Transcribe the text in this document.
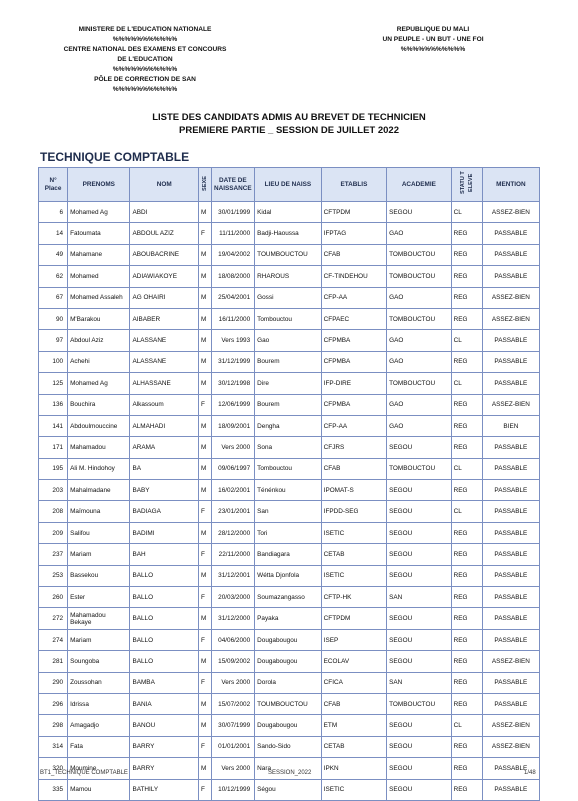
MINISTERE DE L'EDUCATION NATIONALE
%%%%%%%%%%%
CENTRE NATIONAL DES EXAMENS ET CONCOURS
DE L'EDUCATION
%%%%%%%%%%%
PÔLE DE CORRECTION DE SAN
%%%%%%%%%%%
REPUBLIQUE DU MALI
UN PEUPLE - UN BUT - UNE FOI
%%%%%%%%%%%
LISTE DES CANDIDATS ADMIS AU BREVET DE TECHNICIEN
PREMIERE PARTIE _ SESSION DE JUILLET 2022
TECHNIQUE COMPTABLE
N° Place	PRENOMS	NOM	SEXE	DATE DE NAISSANCE	LIEU DE NAISS	ETABLIS	ACADEMIE	STATU T ELEVE	MENTION
6	Mohamed Ag	ABDI	M	30/01/1999	Kidal	CFTPDM	SEGOU	CL	ASSEZ-BIEN
14	Fatoumata	ABDOUL AZIZ	F	11/11/2000	Badji-Haoussa	IFPTAG	GAO	REG	PASSABLE
49	Mahamane	ABOUBACRINE	M	19/04/2002	TOUMBOUCTOU	CFAB	TOMBOUCTOU	REG	PASSABLE
62	Mohamed	ADIAWIAKOYE	M	18/08/2000	RHAROUS	CF-TINDEHOU	TOMBOUCTOU	REG	PASSABLE
67	Mohamed Assaleh	AG OHAIRI	M	25/04/2001	Gossi	CFP-AA	GAO	REG	ASSEZ-BIEN
90	M'Barakou	AIBABER	M	16/11/2000	Tombouctou	CFPAEC	TOMBOUCTOU	REG	ASSEZ-BIEN
97	Abdoul Aziz	ALASSANE	M	Vers 1993	Gao	CFPMBA	GAO	CL	PASSABLE
100	Achehi	ALASSANE	M	31/12/1999	Bourem	CFPMBA	GAO	REG	PASSABLE
125	Mohamed Ag	ALHASSANE	M	30/12/1998	Dire	IFP-DIRE	TOMBOUCTOU	CL	PASSABLE
136	Bouchira	Alkassoum	F	12/06/1999	Bourem	CFPMBA	GAO	REG	ASSEZ-BIEN
141	Abdoulmouccine	ALMAHADI	M	18/09/2001	Dengha	CFP-AA	GAO	REG	BIEN
171	Mahamadou	ARAMA	M	Vers 2000	Sona	CFJRS	SEGOU	REG	PASSABLE
195	Ali M. Hindohoy	BA	M	09/06/1997	Tombouctou	CFAB	TOMBOUCTOU	CL	PASSABLE
203	Mahalmadane	BABY	M	16/02/2001	Ténénkou	IPOMAT-S	SEGOU	REG	PASSABLE
208	Maïmouna	BADIAGA	F	23/01/2001	San	IFPDD-SEG	SEGOU	CL	PASSABLE
209	Salifou	BADIMI	M	28/12/2000	Tori	ISETIC	SEGOU	REG	PASSABLE
237	Mariam	BAH	F	22/11/2000	Bandiagara	CETAB	SEGOU	REG	PASSABLE
253	Bassekou	BALLO	M	31/12/2001	Wétta Djonfola	ISETIC	SEGOU	REG	PASSABLE
260	Ester	BALLO	F	20/03/2000	Soumazangasso	CFTP-HK	SAN	REG	PASSABLE
272	Mahamadou Bekaye	BALLO	M	31/12/2000	Payaka	CFTPDM	SEGOU	REG	PASSABLE
274	Mariam	BALLO	F	04/06/2000	Dougabougou	ISEP	SEGOU	REG	PASSABLE
281	Soungoba	BALLO	M	15/09/2002	Dougabougou	ECOLAV	SEGOU	REG	ASSEZ-BIEN
290	Zoussohan	BAMBA	F	Vers 2000	Dorola	CFICA	SAN	REG	PASSABLE
296	Idrissa	BANIA	M	15/07/2002	TOUMBOUCTOU	CFAB	TOMBOUCTOU	REG	PASSABLE
298	Amagadjo	BANOU	M	30/07/1999	Dougabougou	ETM	SEGOU	CL	ASSEZ-BIEN
314	Fata	BARRY	F	01/01/2001	Sando-Sido	CETAB	SEGOU	REG	ASSEZ-BIEN
320	Moumine	BARRY	M	Vers 2000	Nara	IPKN	SEGOU	REG	PASSABLE
335	Mamou	BATHILY	F	10/12/1999	Ségou	ISETIC	SEGOU	REG	PASSABLE
BT1_TECHNIQUE COMPTABLE	SESSION_2022	1/48
